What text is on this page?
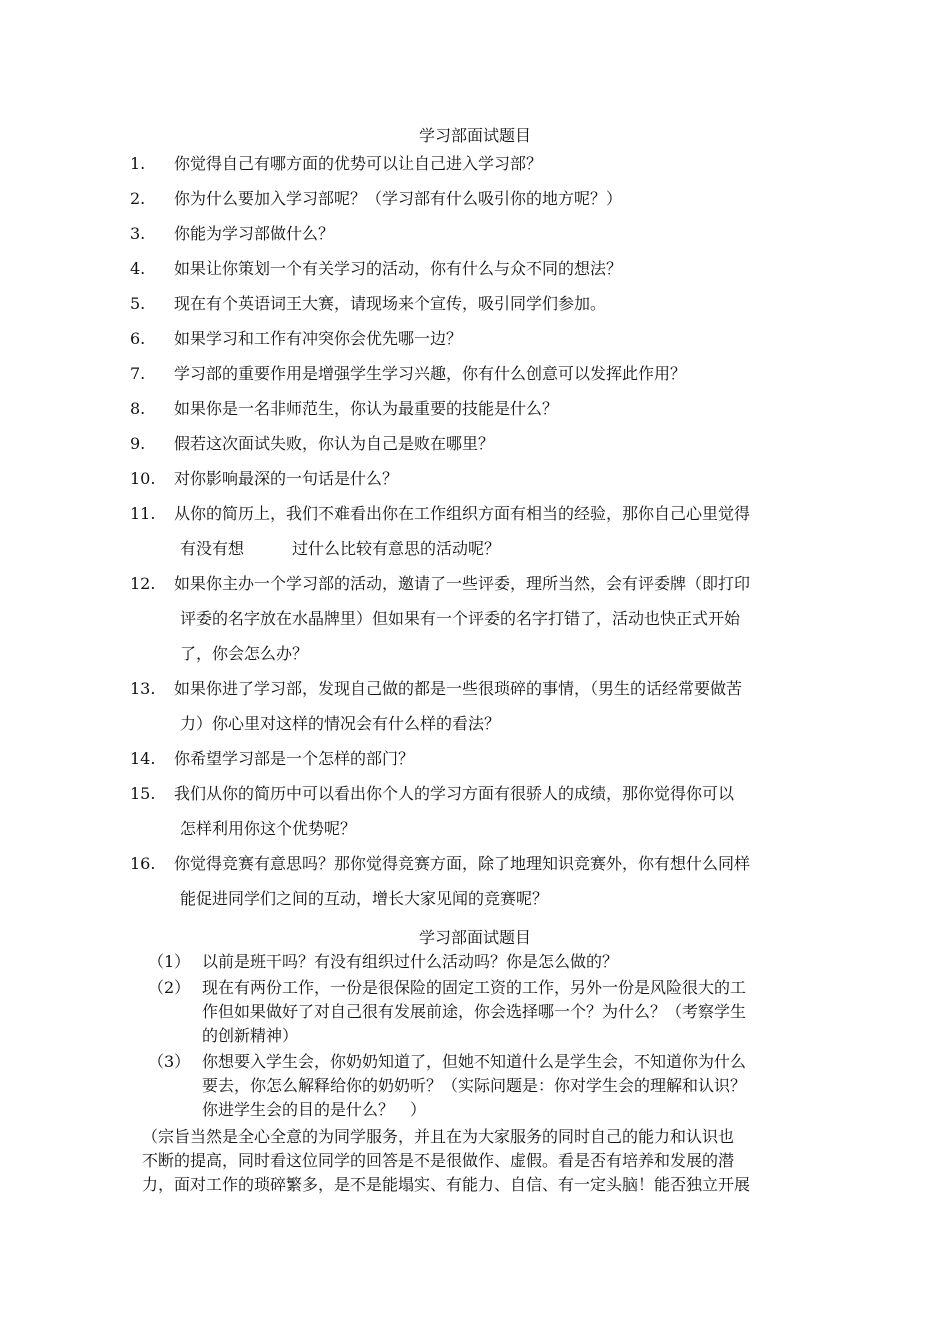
学习部面试题目
1.	你觉得自己有哪方面的优势可以让自己进入学习部？
2.	你为什么要加入学习部呢？（学习部有什么吸引你的地方呢？）
3.	你能为学习部做什么？
4.	如果让你策划一个有关学习的活动，你有什么与众不同的想法？
5.	现在有个英语词王大赛，请现场来个宣传，吸引同学们参加。
6.	如果学习和工作有冲突你会优先哪一边？
7.	学习部的重要作用是增强学生学习兴趣，你有什么创意可以发挥此作用？
8.	如果你是一名非师范生，你认为最重要的技能是什么？
9.	假若这次面试失败，你认为自己是败在哪里？
10.	对你影响最深的一句话是什么？
11.	从你的简历上，我们不难看出你在工作组织方面有相当的经验，那你自己心里觉得
有没有想　　　过什么比较有意思的活动呢？
12.	如果你主办一个学习部的活动，邀请了一些评委，理所当然，会有评委牌（即打印
评委的名字放在水晶牌里）但如果有一个评委的名字打错了，活动也快正式开始
了，你会怎么办？
13.	如果你进了学习部，发现自己做的都是一些很琐碎的事情，（男生的话经常要做苦
力）你心里对这样的情况会有什么样的看法？
14.	你希望学习部是一个怎样的部门？
15.	我们从你的简历中可以看出你个人的学习方面有很骄人的成绩，那你觉得你可以
怎样利用你这个优势呢？
16.	你觉得竞赛有意思吗？那你觉得竞赛方面，除了地理知识竞赛外，你有想什么同样
能促进同学们之间的互动，增长大家见闻的竞赛呢？
学习部面试题目
（1） 以前是班干吗？有没有组织过什么活动吗？你是怎么做的？
（2） 现在有两份工作，一份是很保险的固定工资的工作，另外一份是风险很大的工
作但如果做好了对自己很有发展前途，你会选择哪一个？为什么？（考察学生
的创新精神）
（3） 你想要入学生会，你奶奶知道了，但她不知道什么是学生会，不知道你为什么
要去，你怎么解释给你的奶奶听？（实际问题是：你对学生会的理解和认识？
你进学生会的目的是什么？　）
（宗旨当然是全心全意的为同学服务，并且在为大家服务的同时自己的能力和认识也
不断的提高，同时看这位同学的回答是不是很做作、虚假。看是否有培养和发展的潜
力，面对工作的琐碎繁多，是不是能塌实、有能力、自信、有一定头脑！能否独立开展
